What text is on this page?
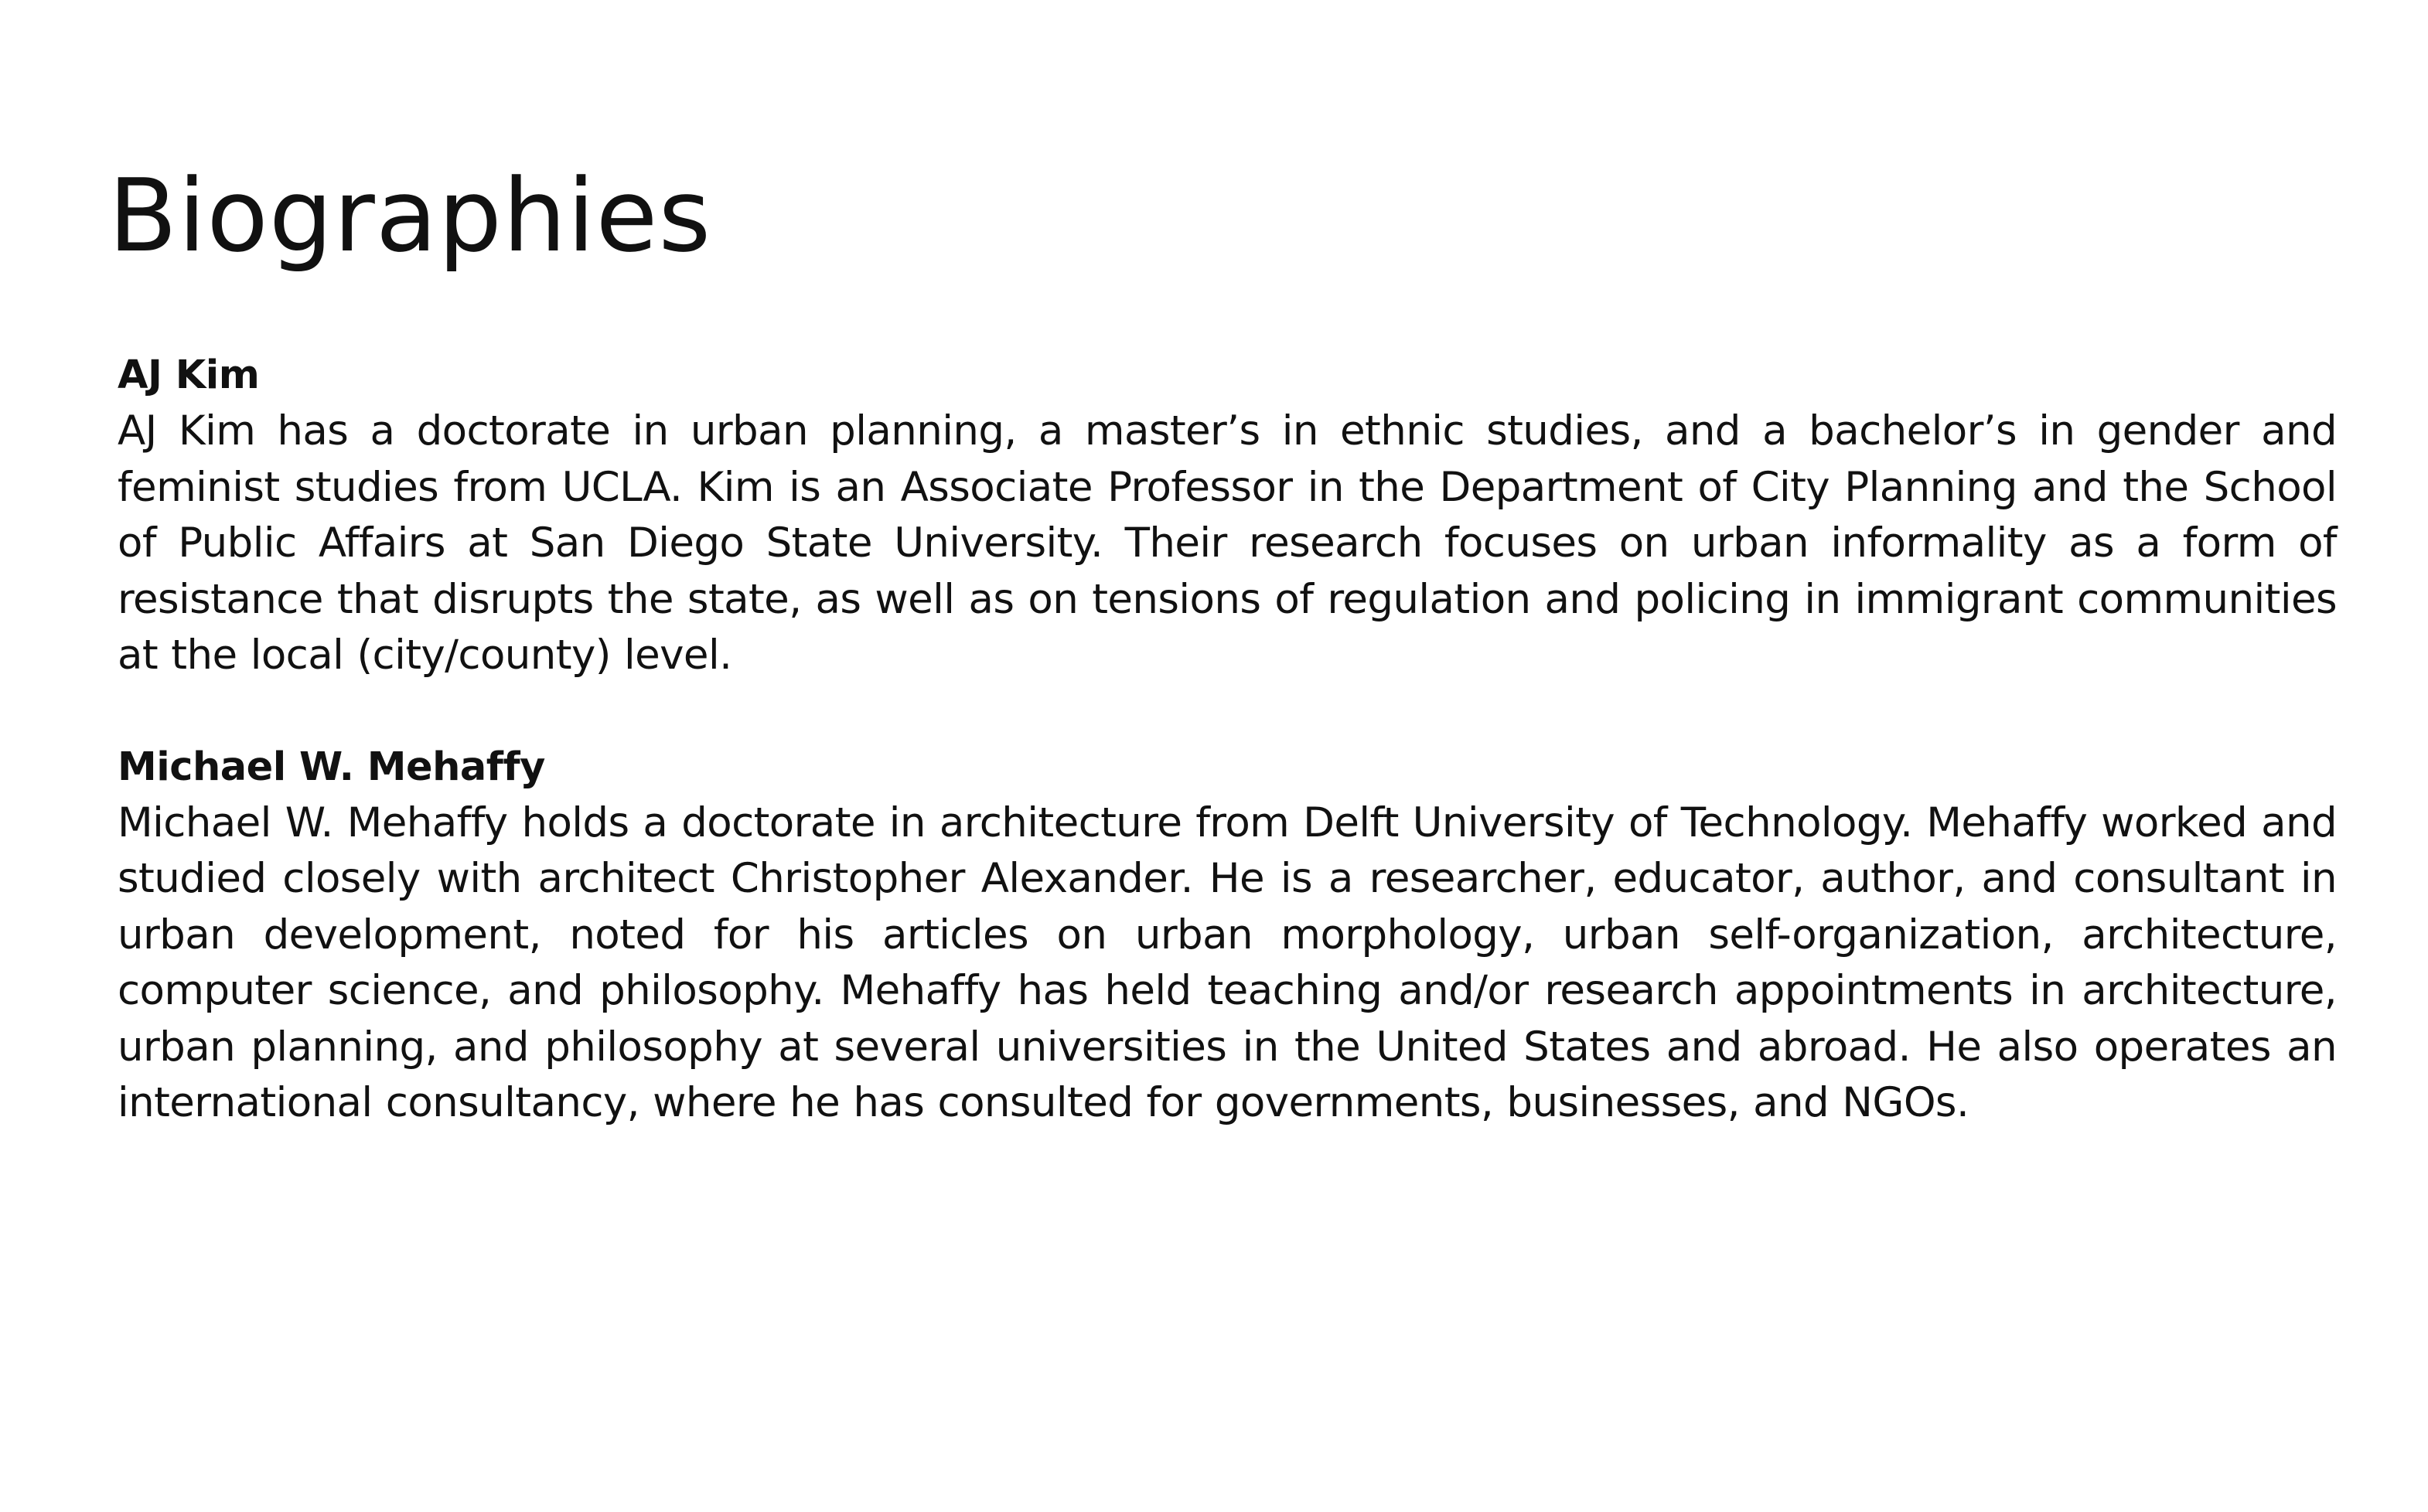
Biographies

AJ Kim

AJ Kim has a doctorate in urban planning, a master’s in ethnic studies, and a bachelor’s in gender and feminist studies from UCLA. Kim is an Associate Professor in the Department of City Planning and the School of Public Affairs at San Diego State University. Their research focuses on urban informality as a form of resistance that disrupts the state, as well as on tensions of regulation and policing in immigrant communities at the local (city/county) level.

Michael W. Mehaffy

Michael W. Mehaffy holds a doctorate in architecture from Delft University of Technology. Mehaffy worked and studied closely with architect Christopher Alexander. He is a researcher, educator, author, and consultant in urban development, noted for his articles on urban morphology, urban self-organization, architecture, computer science, and philosophy. Mehaffy has held teaching and/or research appointments in architecture, urban planning, and philosophy at several universities in the United States and abroad. He also operates an international consultancy, where he has consulted for governments, businesses, and NGOs.
